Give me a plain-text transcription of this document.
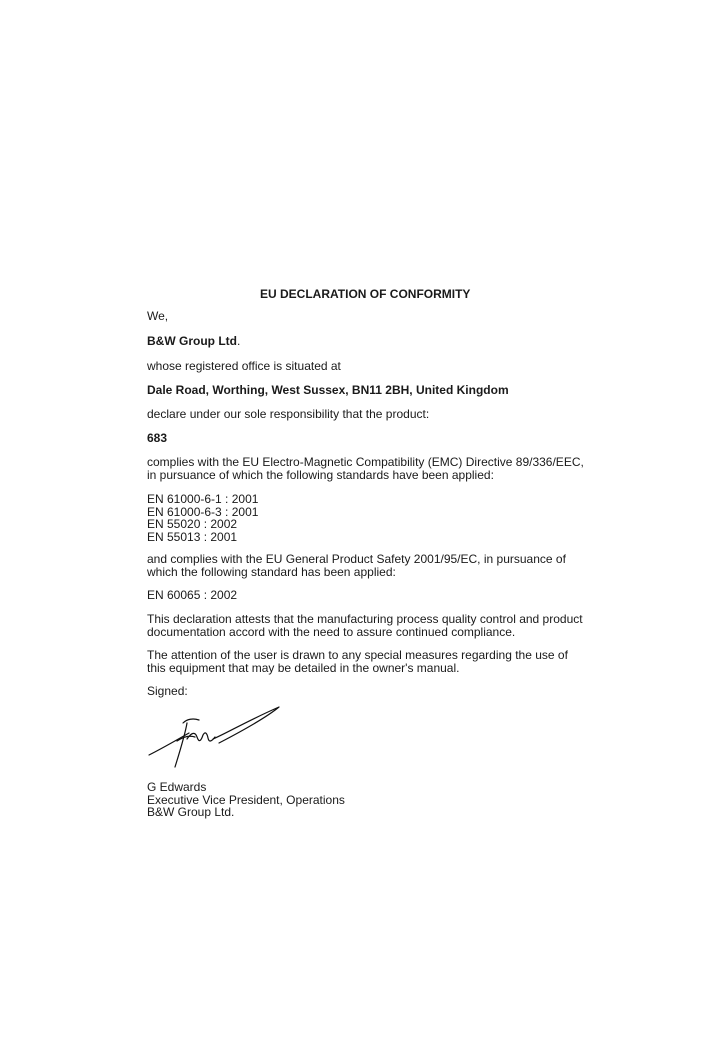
EU DECLARATION OF CONFORMITY
We,
B&W Group Ltd.
whose registered office is situated at
Dale Road, Worthing, West Sussex, BN11 2BH, United Kingdom
declare under our sole responsibility that the product:
683
complies with the EU Electro-Magnetic Compatibility (EMC) Directive 89/336/EEC,
in pursuance of which the following standards have been applied:
EN 61000-6-1 : 2001
EN 61000-6-3 : 2001
EN 55020 : 2002
EN 55013 : 2001
and complies with the EU General Product Safety 2001/95/EC, in pursuance of
which the following standard has been applied:
EN 60065 : 2002
This declaration attests that the manufacturing process quality control and product
documentation accord with the need to assure continued compliance.
The attention of the user is drawn to any special measures regarding the use of
this equipment that may be detailed in the owner's manual.
Signed:
G Edwards
Executive Vice President, Operations
B&W Group Ltd.
